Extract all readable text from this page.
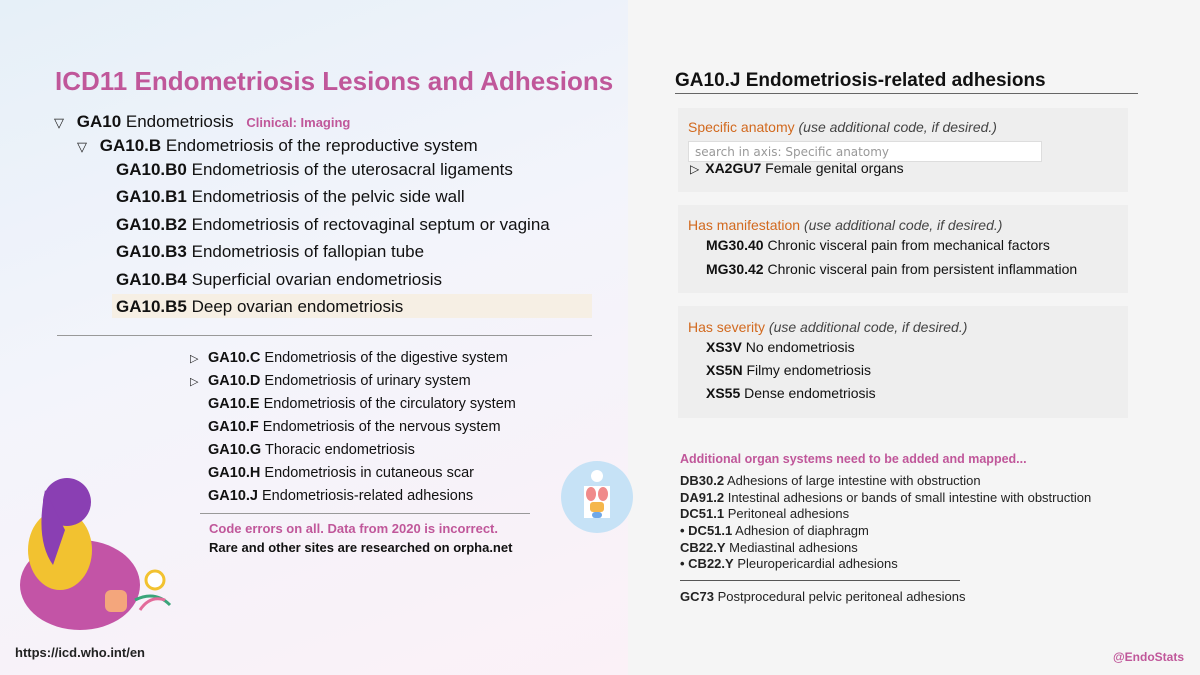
ICD11 Endometriosis Lesions and Adhesions
▽ GA10 Endometriosis Clinical: Imaging
▽ GA10.B Endometriosis of the reproductive system
GA10.B0 Endometriosis of the uterosacral ligaments
GA10.B1 Endometriosis of the pelvic side wall
GA10.B2 Endometriosis of rectovaginal septum or vagina
GA10.B3 Endometriosis of fallopian tube
GA10.B4 Superficial ovarian endometriosis
GA10.B5 Deep ovarian endometriosis
▷ GA10.C Endometriosis of the digestive system
▷ GA10.D Endometriosis of urinary system
GA10.E Endometriosis of the circulatory system
GA10.F Endometriosis of the nervous system
GA10.G Thoracic endometriosis
GA10.H Endometriosis in cutaneous scar
GA10.J Endometriosis-related adhesions
Code errors on all. Data from 2020 is incorrect.
Rare and other sites are researched on orpha.net
https://icd.who.int/en
GA10.J Endometriosis-related adhesions
Specific anatomy (use additional code, if desired.)
search in axis: Specific anatomy
▷ XA2GU7 Female genital organs
Has manifestation (use additional code, if desired.)
MG30.40 Chronic visceral pain from mechanical factors
MG30.42 Chronic visceral pain from persistent inflammation
Has severity (use additional code, if desired.)
XS3V No endometriosis
XS5N Filmy endometriosis
XS55 Dense endometriosis
Additional organ systems need to be added and mapped...
DB30.2 Adhesions of large intestine with obstruction
DA91.2 Intestinal adhesions or bands of small intestine with obstruction
DC51.1 Peritoneal adhesions
• DC51.1 Adhesion of diaphragm
CB22.Y Mediastinal adhesions
• CB22.Y Pleuropericardial adhesions
GC73 Postprocedural pelvic peritoneal adhesions
@EndoStats
